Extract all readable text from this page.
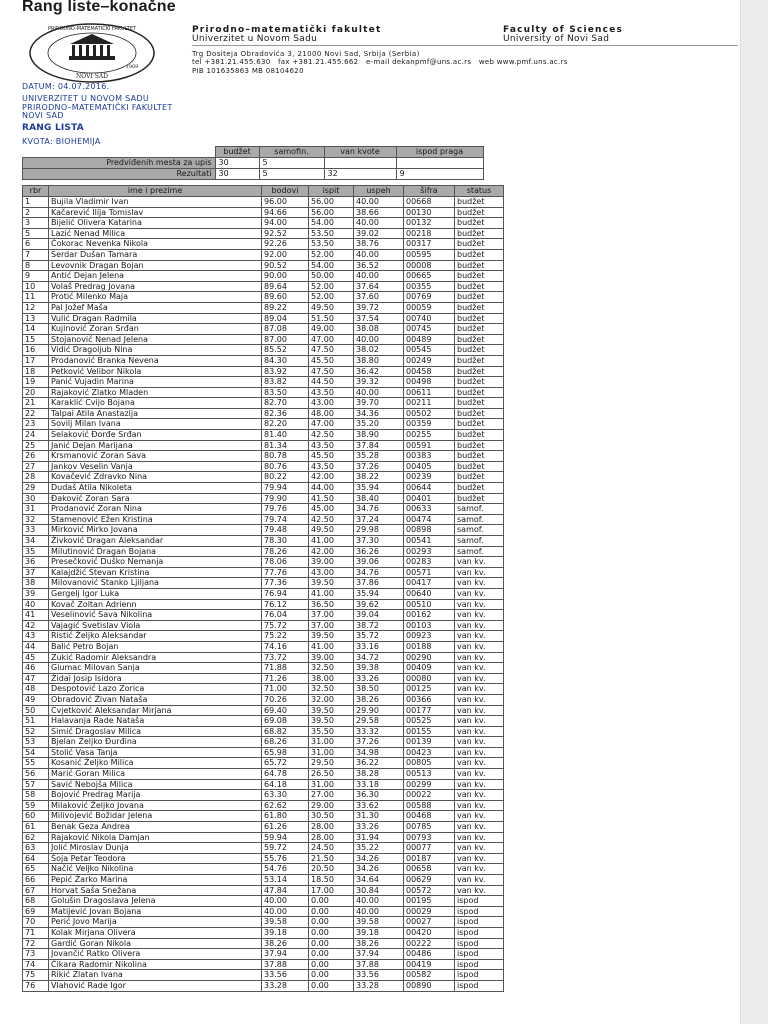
Rang liste–konačne
PRIRODNO-MATEMATIČKI FAKULTET
1969
NOVI SAD
Prirodno–matematički fakultet
Univerzitet u Novom Sadu
Faculty of Sciences
University of Novi Sad
Trg Dositeja Obradovića 3, 21000 Novi Sad, Srbija (Serbia)
tel +381.21.455.630 fax +381.21.455.662 e-mail dekanpmf@uns.ac.rs web www.pmf.uns.ac.rs
PIB 101635863 MB 08104620
DATUM: 04.07.2016.
UNIVERZITET U NOVOM SADU
PRIRODNO–MATEMATIČKI FAKULTET
NOVI SAD
RANG LISTA
KVOTA: BIOHEMIJA
	budžet	samofin.	van kvote	ispod praga
Predviđenih mesta za upis	30	5		
Rezultati	30	5	32	9
rbr	ime i prezime	bodovi	ispit	uspeh	šifra	status
1	Bujila Vladimir Ivan	96.00	56.00	40.00	00668	budžet
2	Kačarević Ilija Tomislav	94.66	56.00	38.66	00130	budžet
3	Bijelić Olivera Katarina	94.00	54.00	40.00	00132	budžet
5	Lazić Nenad Milica	92.52	53.50	39.02	00218	budžet
6	Čokorac Nevenka Nikola	92.26	53.50	38.76	00317	budžet
7	Serdar Dušan Tamara	92.00	52.00	40.00	00595	budžet
8	Levovnik Dragan Bojan	90.52	54.00	36.52	00008	budžet
9	Antić Dejan Jelena	90.00	50.00	40.00	00665	budžet
10	Volaš Predrag Jovana	89.64	52.00	37.64	00355	budžet
11	Protić Milenko Maja	89.60	52.00	37.60	00769	budžet
12	Pal Jožef Maša	89.22	49.50	39.72	00059	budžet
13	Vulić Dragan Radmila	89.04	51.50	37.54	00740	budžet
14	Kujinović Zoran Srđan	87.08	49.00	38.08	00745	budžet
15	Stojanović Nenad Jelena	87.00	47.00	40.00	00489	budžet
16	Vidić Dragoljub Nina	85.52	47.50	38.02	00545	budžet
17	Prodanović Branka Nevena	84.30	45.50	38.80	00249	budžet
18	Petković Velibor Nikola	83.92	47.50	36.42	00458	budžet
19	Panić Vujadin Marina	83.82	44.50	39.32	00498	budžet
20	Rajaković Zlatko Mladen	83.50	43.50	40.00	00611	budžet
21	Karaklić Cvijo Bojana	82.70	43.00	39.70	00211	budžet
22	Talpai Atila Anastazija	82.36	48.00	34.36	00502	budžet
23	Sovilj Milan Ivana	82.20	47.00	35.20	00359	budžet
24	Selaković Đorđe Srđan	81.40	42.50	38.90	00255	budžet
25	Janić Dejan Marijana	81.34	43.50	37.84	00591	budžet
26	Krsmanović Zoran Sava	80.78	45.50	35.28	00383	budžet
27	Jankov Veselin Vanja	80.76	43.50	37.26	00405	budžet
28	Kovačević Zdravko Nina	80.22	42.00	38.22	00239	budžet
29	Dudaš Atila Nikoleta	79.94	44.00	35.94	00644	budžet
30	Đaković Zoran Sara	79.90	41.50	38.40	00401	budžet
31	Prodanović Zoran Nina	79.76	45.00	34.76	00633	samof.
32	Stamenović Ežen Kristina	79.74	42.50	37.24	00474	samof.
33	Mirković Mirko Jovana	79.48	49.50	29.98	00898	samof.
34	Živković Dragan Aleksandar	78.30	41.00	37.30	00541	samof.
35	Milutinović Dragan Bojana	78.26	42.00	36.26	00293	samof.
36	Presečković Duško Nemanja	78.06	39.00	39.06	00283	van kv.
37	Kalajdžić Stevan Kristina	77.76	43.00	34.76	00571	van kv.
38	Milovanović Stanko Ljiljana	77.36	39.50	37.86	00417	van kv.
39	Gergelj Igor Luka	76.94	41.00	35.94	00640	van kv.
40	Kovač Zoltan Adrienn	76.12	36.50	39.62	00510	van kv.
41	Veselinović Sava Nikolina	76.04	37.00	39.04	00162	van kv.
42	Vajagić Svetislav Viola	75.72	37.00	38.72	00103	van kv.
43	Ristić Željko Aleksandar	75.22	39.50	35.72	00923	van kv.
44	Balić Petro Bojan	74.16	41.00	33.16	00188	van kv.
45	Zukić Radomir Aleksandra	73.72	39.00	34.72	00290	van kv.
46	Giumac Milovan Sanja	71.88	32.50	39.38	00409	van kv.
47	Židai Josip Isidora	71.26	38.00	33.26	00080	van kv.
48	Despotović Lazo Zorica	71.00	32.50	38.50	00125	van kv.
49	Obradović Živan Nataša	70.26	32.00	38.26	00366	van kv.
50	Cvjetković Aleksandar Mirjana	69.40	39.50	29.90	00177	van kv.
51	Halavanja Rade Nataša	69.08	39.50	29.58	00525	van kv.
52	Simić Dragoslav Milica	68.82	35.50	33.32	00155	van kv.
53	Bjelan Željko Đurđina	68.26	31.00	37.26	00139	van kv.
54	Stolić Vasa Tanja	65.98	31.00	34.98	00423	van kv.
55	Kosanić Željko Milica	65.72	29.50	36.22	00805	van kv.
56	Marić Goran Milica	64.78	26.50	38.28	00513	van kv.
57	Savić Nebojša Milica	64.18	31.00	33.18	00299	van kv.
58	Bojović Predrag Marija	63.30	27.00	36.30	00022	van kv.
59	Milaković Željko Jovana	62.62	29.00	33.62	00588	van kv.
60	Milivojević Božidar Jelena	61.80	30.50	31.30	00468	van kv.
61	Benak Geza Andrea	61.26	28.00	33.26	00785	van kv.
62	Rajaković Nikola Damjan	59.94	28.00	31.94	00793	van kv.
63	Jolić Miroslav Dunja	59.72	24.50	35.22	00077	van kv.
64	Šoja Petar Teodora	55.76	21.50	34.26	00187	van kv.
65	Načić Veljko Nikolina	54.76	20.50	34.26	00658	van kv.
66	Pepić Žarko Marina	53.14	18.50	34.64	00629	van kv.
67	Horvat Saša Snežana	47.84	17.00	30.84	00572	van kv.
68	Golušin Dragoslava Jelena	40.00	0.00	40.00	00195	ispod
69	Matijević Jovan Bojana	40.00	0.00	40.00	00029	ispod
70	Perić Jovo Marija	39.58	0.00	39.58	00027	ispod
71	Kolak Mirjana Olivera	39.18	0.00	39.18	00420	ispod
72	Gardić Goran Nikola	38.26	0.00	38.26	00222	ispod
73	Jovančić Ratko Olivera	37.94	0.00	37.94	00486	ispod
74	Čikara Radomir Nikolina	37.88	0.00	37.88	00419	ispod
75	Rikić Zlatan Ivana	33.56	0.00	33.56	00582	ispod
76	Vlahović Rade Igor	33.28	0.00	33.28	00890	ispod
